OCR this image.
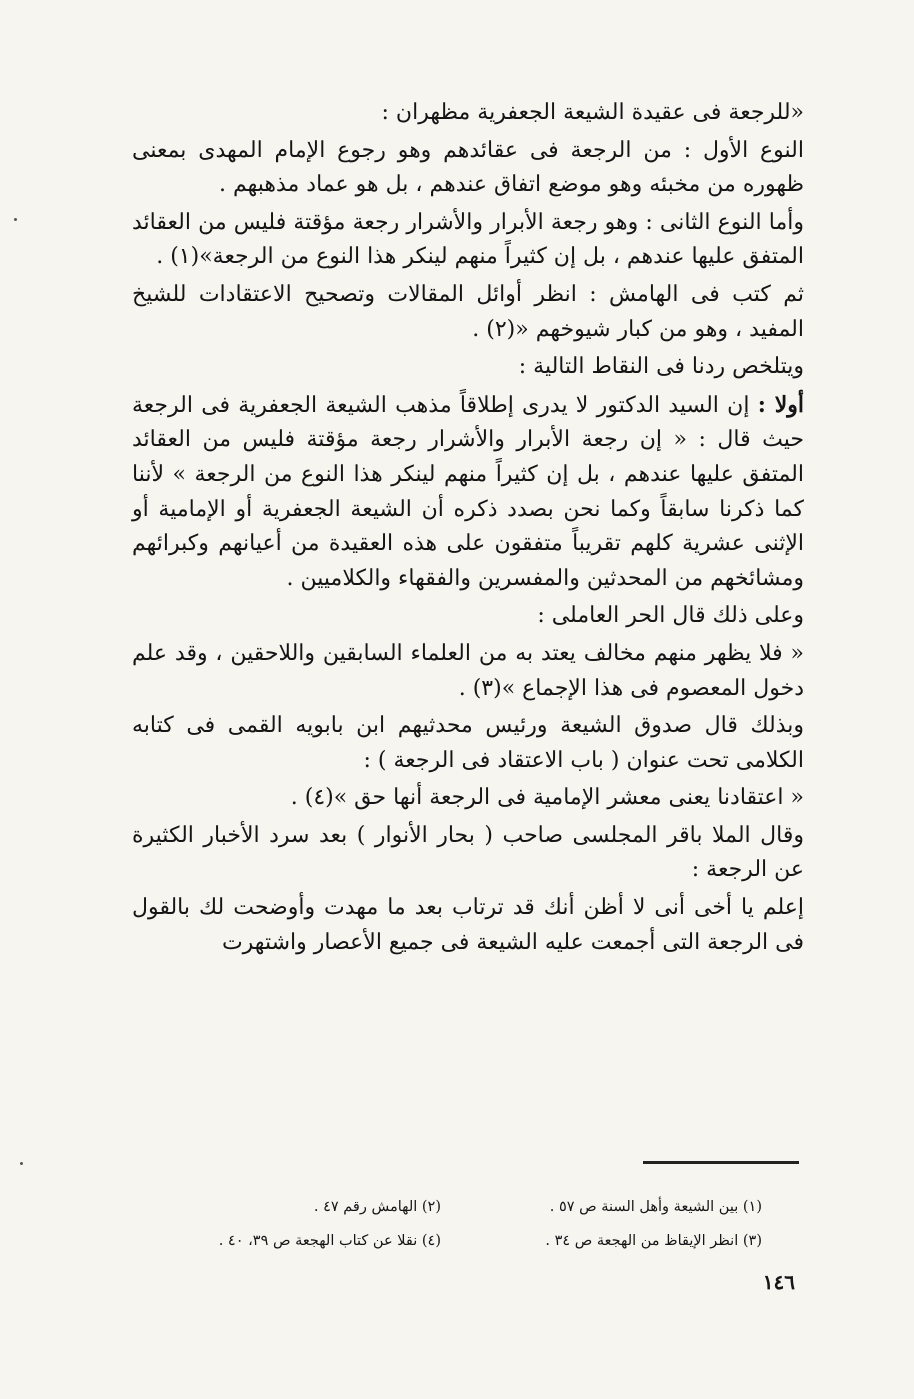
«للرجعة فى عقيدة الشيعة الجعفرية مظهران :

النوع الأول : من الرجعة فى عقائدهم وهو رجوع الإمام المهدى بمعنى ظهوره من مخبئه وهو موضع اتفاق عندهم ، بل هو عماد مذهبهم .

وأما النوع الثانى : وهو رجعة الأبرار والأشرار رجعة مؤقتة فليس من العقائد المتفق عليها عندهم ، بل إن كثيراً منهم لينكر هذا النوع من الرجعة»(١) .

ثم كتب فى الهامش : انظر أوائل المقالات وتصحيح الاعتقادات للشيخ المفيد ، وهو من كبار شيوخهم «(٢) .

ويتلخص ردنا فى النقاط التالية :

أولا : إن السيد الدكتور لا يدرى إطلاقاً مذهب الشيعة الجعفرية فى الرجعة حيث قال : « إن رجعة الأبرار والأشرار رجعة مؤقتة فليس من العقائد المتفق عليها عندهم ، بل إن كثيراً منهم لينكر هذا النوع من الرجعة » لأننا كما ذكرنا سابقاً وكما نحن بصدد ذكره أن الشيعة الجعفرية أو الإمامية أو الإثنى عشرية كلهم تقريباً متفقون على هذه العقيدة من أعيانهم وكبرائهم ومشائخهم من المحدثين والمفسرين والفقهاء والكلاميين .

وعلى ذلك قال الحر العاملى :

« فلا يظهر منهم مخالف يعتد به من العلماء السابقين واللاحقين ، وقد علم دخول المعصوم فى هذا الإجماع »(٣) .

وبذلك قال صدوق الشيعة ورئيس محدثيهم ابن بابويه القمى فى كتابه الكلامى تحت عنوان ( باب الاعتقاد فى الرجعة ) :

« اعتقادنا يعنى معشر الإمامية فى الرجعة أنها حق »(٤) .

وقال الملا باقر المجلسى صاحب ( بحار الأنوار ) بعد سرد الأخبار الكثيرة عن الرجعة :

إعلم يا أخى أنى لا أظن أنك قد ترتاب بعد ما مهدت وأوضحت لك بالقول فى الرجعة التى أجمعت عليه الشيعة فى جميع الأعصار واشتهرت

(١) بين الشيعة وأهل السنة ص ٥٧ .
(٢) الهامش رقم ٤٧ .
(٣) انظر الإيقاظ من الهجعة ص ٣٤ .
(٤) نقلا عن كتاب الهجعة ص ٣٩، ٤٠ .
١٤٦
